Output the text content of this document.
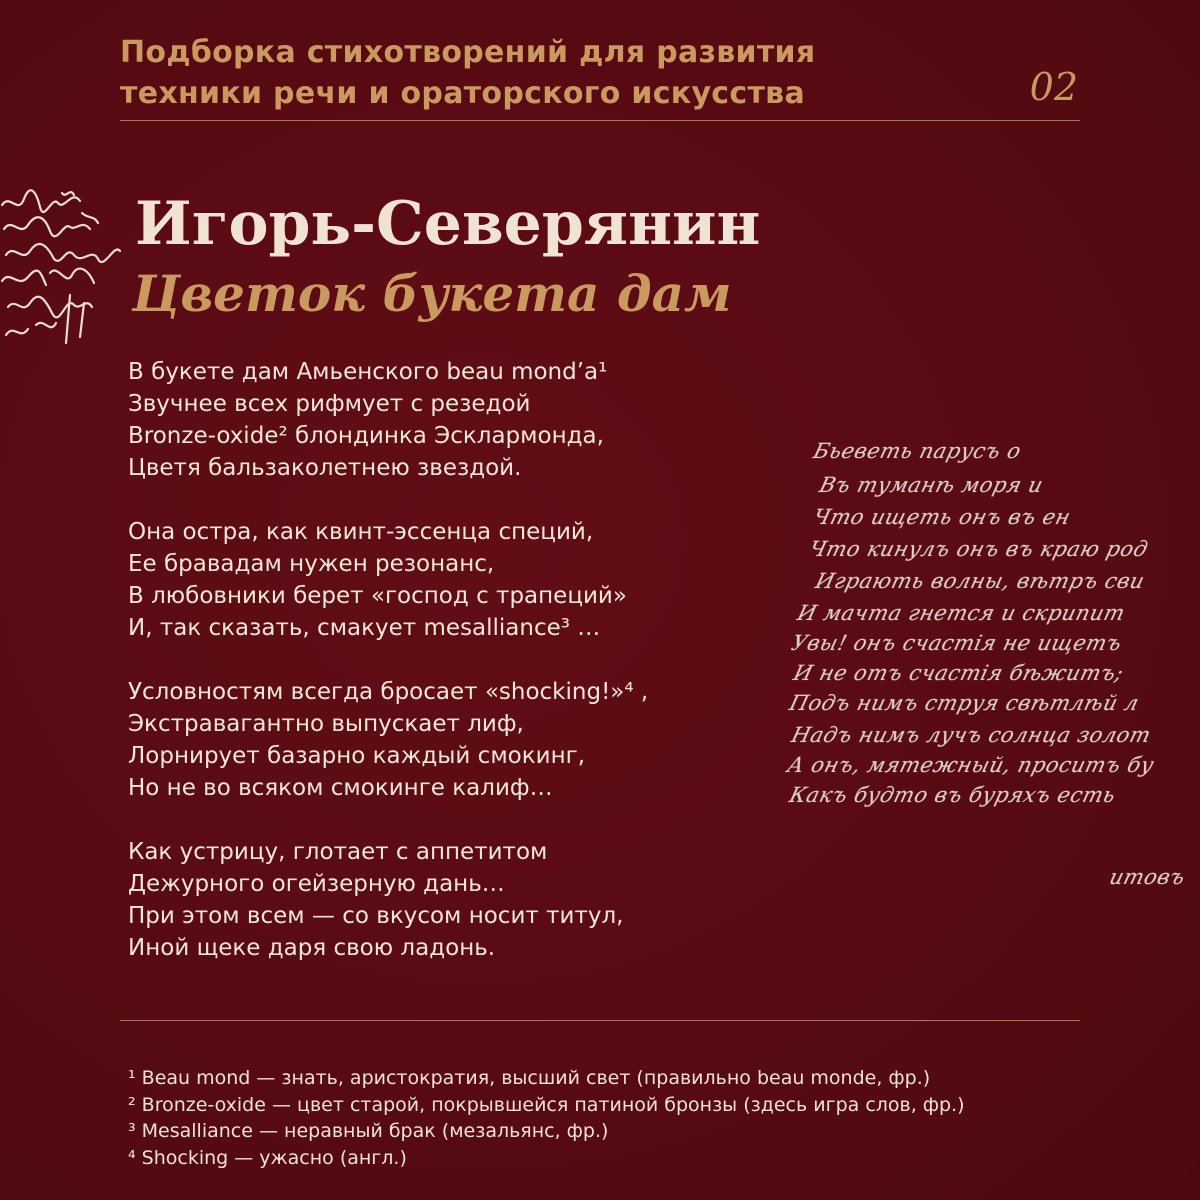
Подборка стихотворений для развития
техники речи и ораторского искусства	02
Игорь-Северянин
Цветок букета дам
В букете дам Амьенского beau mond’a¹
Звучнее всех рифмует с резедой
Bronze-oxide² блондинка Эсклармонда,
Цветя бальзаколетнею звездой.
Она остра, как квинт-эссенца специй,
Ее бравадам нужен резонанс,
В любовники берет «господ с трапеций»
И, так сказать, смакует mesalliance³ …
Условностям всегда бросает «shocking!»⁴ ,
Экстравагантно выпускает лиф,
Лорнирует базарно каждый смокинг,
Но не во всяком смокинге калиф…
Как устрицу, глотает с аппетитом
Дежурного огейзерную дань…
При этом всем — со вкусом носит титул,
Иной щеке даря свою ладонь.
Бьеветь парусъ о
Въ туманѣ моря и
Что ищеть онъ въ ен
Что кинулъ онъ въ краю род
Играють волны, вѣтръ сви
И мачта гнется и скрипит
Увы! онъ счастія не ищетъ
И не отъ счастія бѣжитъ;
Подъ нимъ струя свѣтлѣй л
Надъ нимъ лучъ солнца золот
А онъ, мятежный, проситъ бу
Какъ будто въ буряхъ есть
итовъ
¹ Beau mond — знать, аристократия, высший свет (правильно beau monde, фр.)
² Bronze-oxide — цвет старой, покрывшейся патиной бронзы (здесь игра слов, фр.)
³ Mesalliance — неравный брак (мезальянс, фр.)
⁴ Shocking — ужасно (англ.)
